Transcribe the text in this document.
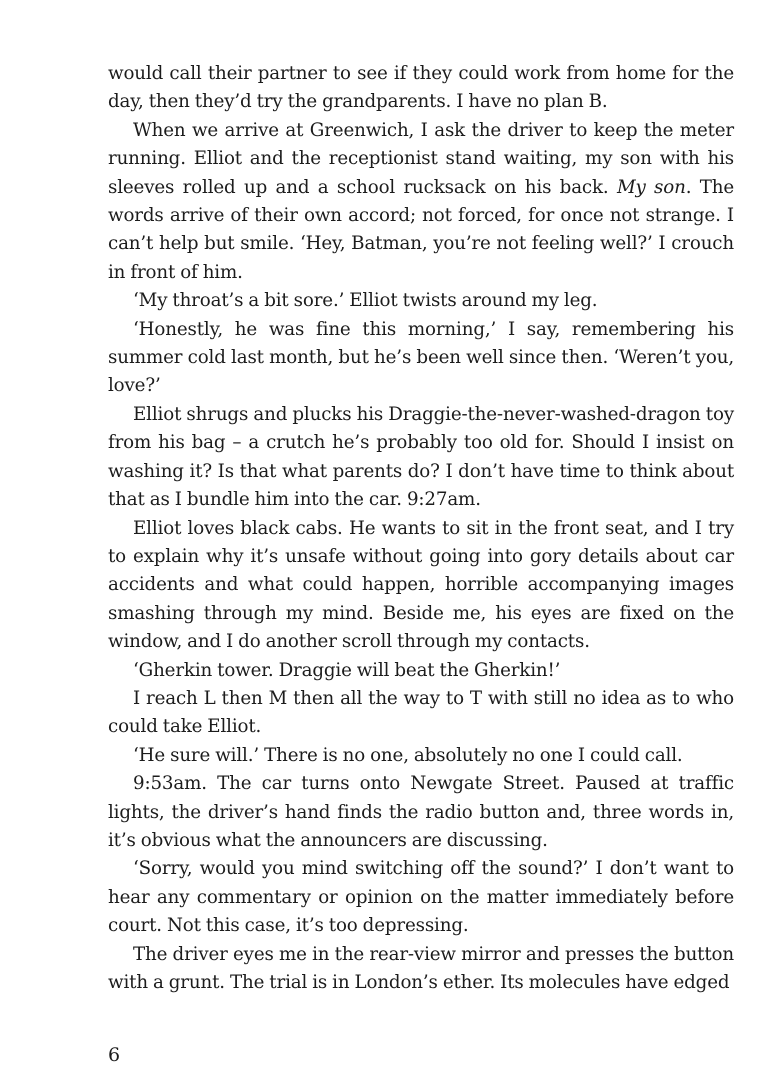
would call their partner to see if they could work from home for the day, then they’d try the grandparents. I have no plan B.

When we arrive at Greenwich, I ask the driver to keep the meter running. Elliot and the receptionist stand waiting, my son with his sleeves rolled up and a school rucksack on his back. My son. The words arrive of their own accord; not forced, for once not strange. I can’t help but smile. ‘Hey, Batman, you’re not feeling well?’ I crouch in front of him.

‘My throat’s a bit sore.’ Elliot twists around my leg.

‘Honestly, he was fine this morning,’ I say, remembering his summer cold last month, but he’s been well since then. ‘Weren’t you, love?’

Elliot shrugs and plucks his Draggie-the-never-washed-dragon toy from his bag – a crutch he’s probably too old for. Should I insist on washing it? Is that what parents do? I don’t have time to think about that as I bundle him into the car. 9:27am.

Elliot loves black cabs. He wants to sit in the front seat, and I try to explain why it’s unsafe without going into gory details about car accidents and what could happen, horrible accompanying images smashing through my mind. Beside me, his eyes are fixed on the window, and I do another scroll through my contacts.

‘Gherkin tower. Draggie will beat the Gherkin!’

I reach L then M then all the way to T with still no idea as to who could take Elliot.

‘He sure will.’ There is no one, absolutely no one I could call.

9:53am. The car turns onto Newgate Street. Paused at traffic lights, the driver’s hand finds the radio button and, three words in, it’s obvious what the announcers are discussing.

‘Sorry, would you mind switching off the sound?’ I don’t want to hear any commentary or opinion on the matter immediately before court. Not this case, it’s too depressing.

The driver eyes me in the rear-view mirror and presses the button with a grunt. The trial is in London’s ether. Its molecules have edged

6
